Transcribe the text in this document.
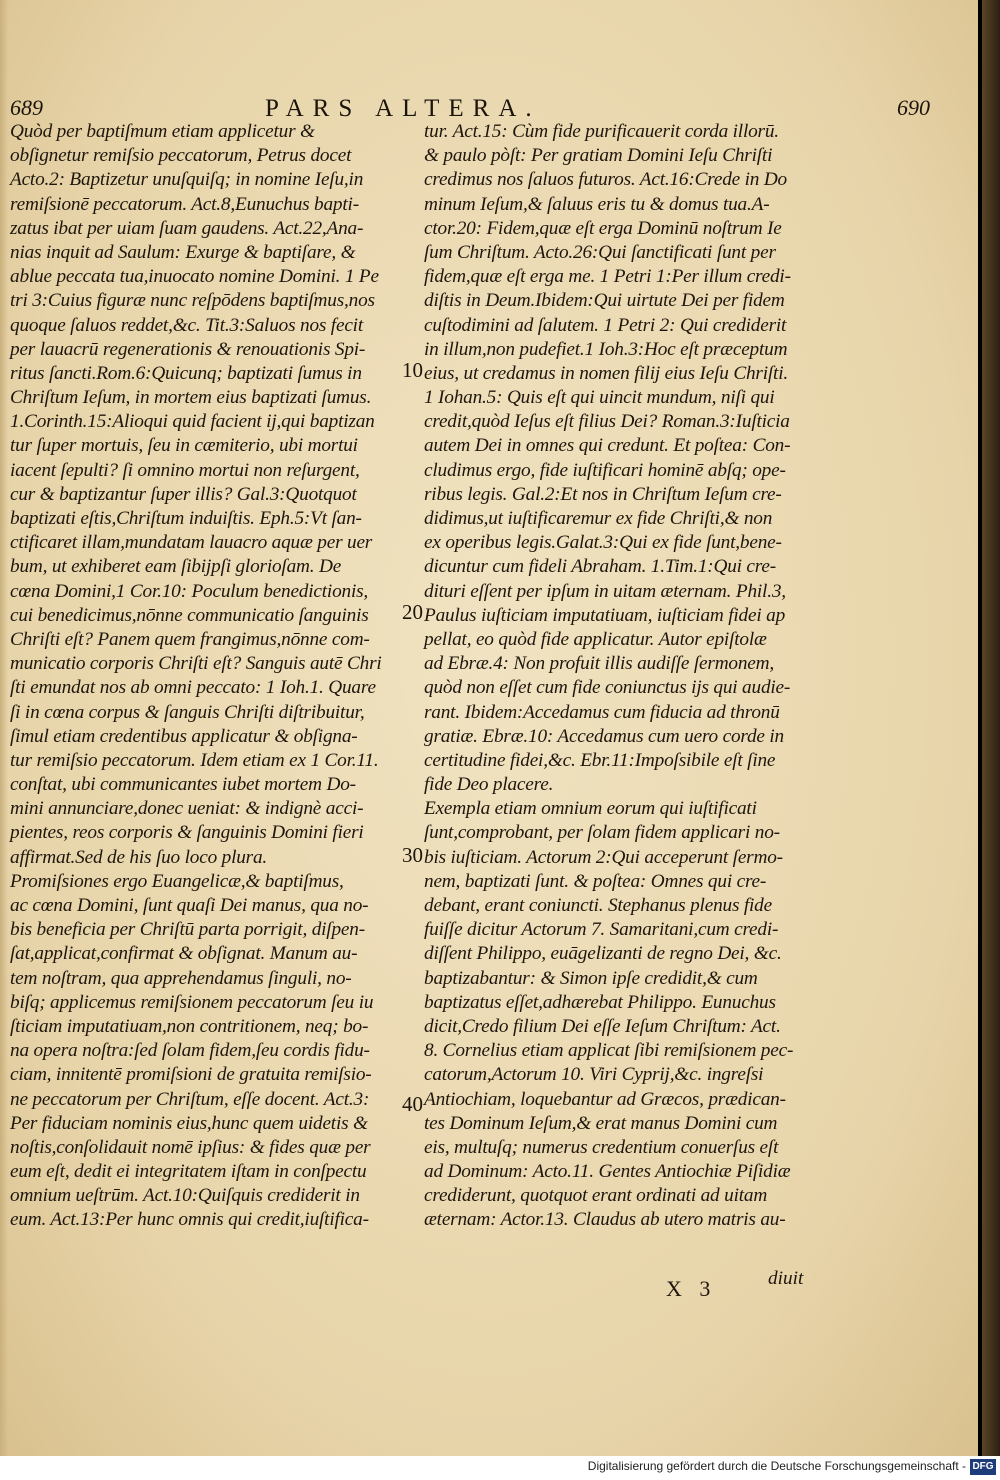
689	PARS ALTERA.	690
Quòd per baptiſmum etiam applicetur &
obſignetur remiſsio peccatorum, Petrus docet
Acto.2: Baptizetur unuſquiſq; in nomine Ieſu,in
remiſsionē peccatorum. Act.8,Eunuchus bapti-
zatus ibat per uiam ſuam gaudens. Act.22,Ana-
nias inquit ad Saulum: Exurge & baptiſare, &
ablue peccata tua,inuocato nomine Domini. 1 Pe
tri 3:Cuius figuræ nunc reſpōdens baptiſmus,nos
quoque ſaluos reddet,&c. Tit.3:Saluos nos fecit
per lauacrū regenerationis & renouationis Spi-
ritus ſancti.Rom.6:Quicunq; baptizati ſumus in
Chriſtum Ieſum, in mortem eius baptizati ſumus.
1.Corinth.15:Alioqui quid facient ij,qui baptizan
tur ſuper mortuis, ſeu in cæmiterio, ubi mortui
iacent ſepulti? ſi omnino mortui non reſurgent,
cur & baptizantur ſuper illis? Gal.3:Quotquot
baptizati eſtis,Chriſtum induiſtis. Eph.5:Vt ſan-
ctificaret illam,mundatam lauacro aquæ per uer
bum, ut exhiberet eam ſibiјpſi glorioſam. De
cœna Domini,1 Cor.10: Poculum benedictionis,
cui benedicimus,nōnne communicatio ſanguinis
Chriſti eſt? Panem quem frangimus,nōnne com-
municatio corporis Chriſti eſt? Sanguis autē Chri
ſti emundat nos ab omni peccato: 1 Ioh.1. Quare
ſi in cœna corpus & ſanguis Chriſti diſtribuitur,
ſimul etiam credentibus applicatur & obſigna-
tur remiſsio peccatorum. Idem etiam ex 1 Cor.11.
conſtat, ubi communicantes iubet mortem Do-
mini annunciare,donec ueniat: & indignè acci-
pientes, reos corporis & ſanguinis Domini fieri
affirmat.Sed de his ſuo loco plura.
Promiſsiones ergo Euangelicæ,& baptiſmus,
ac cœna Domini, ſunt quaſi Dei manus, qua no-
bis beneficia per Chriſtū parta porrigit, diſpen-
ſat,applicat,confirmat & obſignat. Manum au-
tem noſtram, qua apprehendamus ſinguli, no-
biſq; applicemus remiſsionem peccatorum ſeu iu
ſticiam imputatiuam,non contritionem, neq; bo-
na opera noſtra:ſed ſolam fidem,ſeu cordis fidu-
ciam, innitentē promiſsioni de gratuita remiſsio-
ne peccatorum per Chriſtum, eſſe docent. Act.3:
Per fiduciam nominis eius,hunc quem uidetis &
noſtis,conſolidauit nomē ipſius: & fides quæ per
eum eſt, dedit ei integritatem iſtam in conſpectu
omnium ueſtrūm. Act.10:Quiſquis crediderit in
eum. Act.13:Per hunc omnis qui credit,iuſtifica-
tur. Act.15: Cùm fide purificauerit corda illorū.
& paulo pòſt: Per gratiam Domini Ieſu Chriſti
credimus nos ſaluos futuros. Act.16:Crede in Do
minum Ieſum,& ſaluus eris tu & domus tua.A-
ctor.20: Fidem,quæ eſt erga Dominū noſtrum Ie
ſum Chriſtum. Acto.26:Qui ſanctificati ſunt per
fidem,quæ eſt erga me. 1 Petri 1:Per illum credi-
diſtis in Deum.Ibidem:Qui uirtute Dei per fidem
cuſtodimini ad ſalutem. 1 Petri 2: Qui crediderit
in illum,non pudefiet.1 Ioh.3:Hoc eſt præceptum
eius, ut credamus in nomen filij eius Ieſu Chriſti.
1 Iohan.5: Quis eſt qui uincit mundum, niſi qui
credit,quòd Ieſus eſt filius Dei? Roman.3:Iuſticia
autem Dei in omnes qui credunt. Et poſtea: Con-
cludimus ergo, fide iuſtificari hominē abſq; ope-
ribus legis. Gal.2:Et nos in Chriſtum Ieſum cre-
didimus,ut iuſtificaremur ex fide Chriſti,& non
ex operibus legis.Galat.3:Qui ex fide ſunt,bene-
dicuntur cum fideli Abraham. 1.Tim.1:Qui cre-
dituri eſſent per ipſum in uitam æternam. Phil.3,
Paulus iuſticiam imputatiuam, iuſticiam fidei ap
pellat, eo quòd fide applicatur. Autor epiſtolæ
ad Ebræ.4: Non profuit illis audiſſe ſermonem,
quòd non eſſet cum fide coniunctus ijs qui audie-
rant. Ibidem:Accedamus cum fiducia ad thronū
gratiæ. Ebræ.10: Accedamus cum uero corde in
certitudine fidei,&c. Ebr.11:Impoſsibile eſt ſine
fide Deo placere.
Exempla etiam omnium eorum qui iuſtificati
ſunt,comprobant, per ſolam fidem applicari no-
bis iuſticiam. Actorum 2:Qui acceperunt ſermo-
nem, baptizati ſunt. & poſtea: Omnes qui cre-
debant, erant coniuncti. Stephanus plenus fide
fuiſſe dicitur Actorum 7. Samaritani,cum credi-
diſſent Philippo, euāgelizanti de regno Dei, &c.
baptizabantur: & Simon ipſe credidit,& cum
baptizatus eſſet,adhærebat Philippo. Eunuchus
dicit,Credo filium Dei eſſe Ieſum Chriſtum: Act.
8. Cornelius etiam applicat ſibi remiſsionem pec-
catorum,Actorum 10. Viri Cyprij,&c. ingreſsi
Antiochiam, loquebantur ad Græcos, prædican-
tes Dominum Ieſum,& erat manus Domini cum
eis, multuſq; numerus credentium conuerſus eſt
ad Dominum: Acto.11. Gentes Antiochiæ Piſidiæ
crediderunt, quotquot erant ordinati ad uitam
æternam: Actor.13. Claudus ab utero matris au-
10
20
30
40
X 3	diuit
Digitalisierung gefördert durch die Deutsche Forschungsgemeinschaft - DFG
